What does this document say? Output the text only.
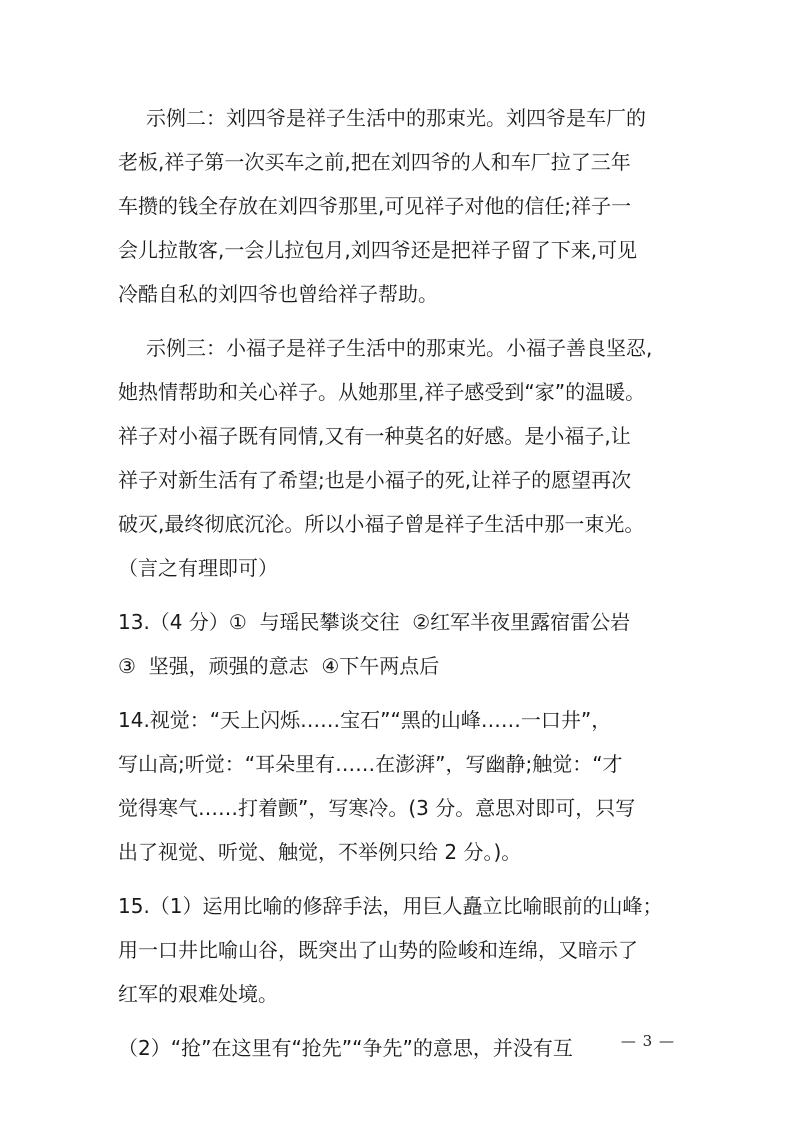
示例二：刘四爷是祥子生活中的那束光。刘四爷是车厂的

老板,祥子第一次买车之前,把在刘四爷的人和车厂拉了三年

车攒的钱全存放在刘四爷那里,可见祥子对他的信任;祥子一

会儿拉散客,一会儿拉包月,刘四爷还是把祥子留了下来,可见

冷酷自私的刘四爷也曾给祥子帮助。

示例三：小福子是祥子生活中的那束光。小福子善良坚忍,

她热情帮助和关心祥子。从她那里,祥子感受到“家”的温暖。

祥子对小福子既有同情,又有一种莫名的好感。是小福子,让

祥子对新生活有了希望;也是小福子的死,让祥子的愿望再次

破灭,最终彻底沉沦。所以小福子曾是祥子生活中那一束光。

（言之有理即可）

13.（4 分）①  与瑶民攀谈交往  ②红军半夜里露宿雷公岩

③  坚强，顽强的意志  ④下午两点后

14.视觉：“天上闪烁……宝石”“黑的山峰……一口井”，

写山高;听觉：“耳朵里有……在澎湃”，写幽静;触觉：“才

觉得寒气……打着颤”，写寒冷。(3 分。意思对即可，只写

出了视觉、听觉、触觉，不举例只给 2 分。)。

15.（1）运用比喻的修辞手法，用巨人矗立比喻眼前的山峰；

用一口井比喻山谷，既突出了山势的险峻和连绵，又暗示了

红军的艰难处境。

（2）“抢”在这里有“抢先”“争先”的意思，并没有互	— 3 —
